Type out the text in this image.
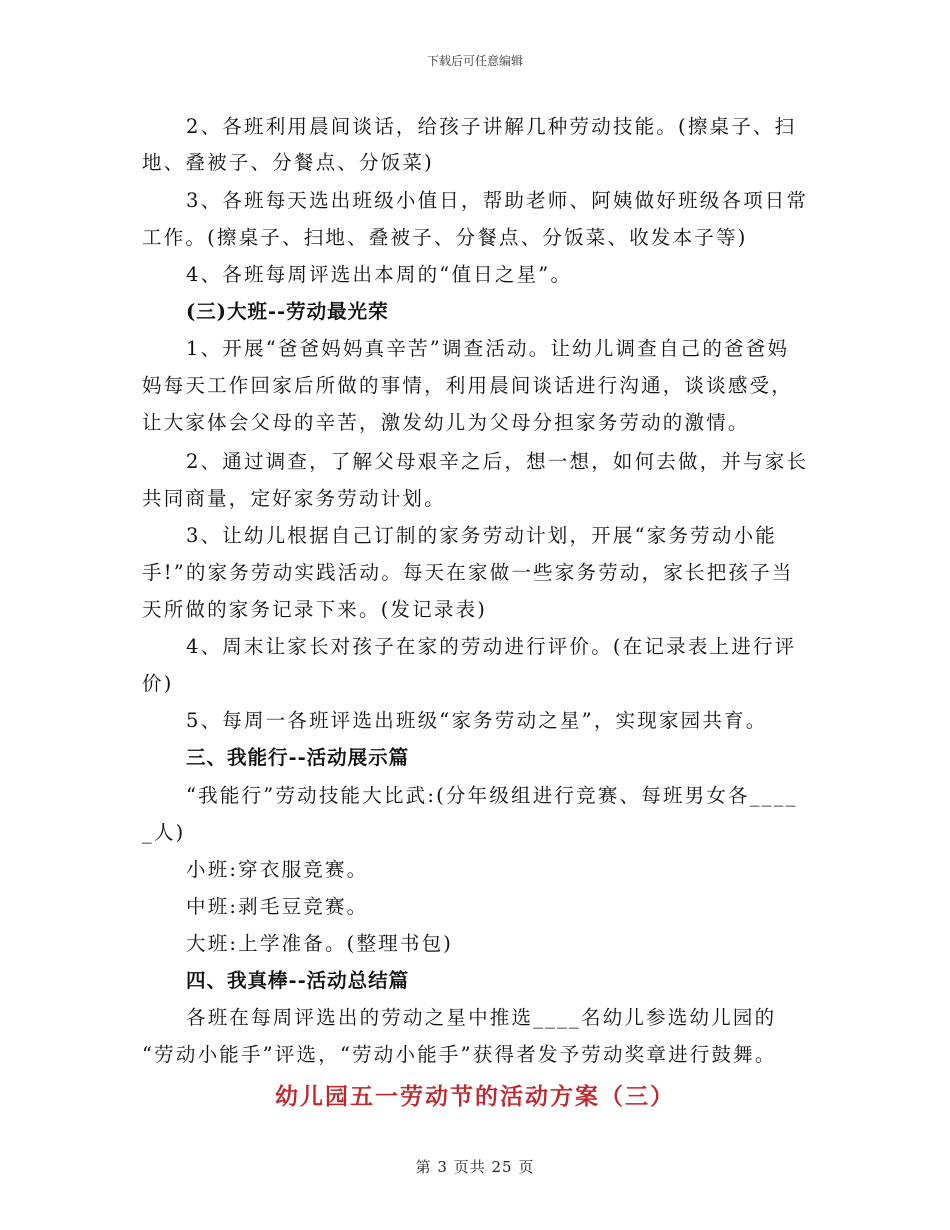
下载后可任意编辑
2、各班利用晨间谈话，给孩子讲解几种劳动技能。(擦桌子、扫
地、叠被子、分餐点、分饭菜)
3、各班每天选出班级小值日，帮助老师、阿姨做好班级各项日常
工作。(擦桌子、扫地、叠被子、分餐点、分饭菜、收发本子等)
4、各班每周评选出本周的“值日之星”。
(三)大班--劳动最光荣
1、开展“爸爸妈妈真辛苦”调查活动。让幼儿调查自己的爸爸妈
妈每天工作回家后所做的事情，利用晨间谈话进行沟通，谈谈感受，
让大家体会父母的辛苦，激发幼儿为父母分担家务劳动的激情。
2、通过调查，了解父母艰辛之后，想一想，如何去做，并与家长
共同商量，定好家务劳动计划。
3、让幼儿根据自己订制的家务劳动计划，开展“家务劳动小能
手!”的家务劳动实践活动。每天在家做一些家务劳动，家长把孩子当
天所做的家务记录下来。(发记录表)
4、周末让家长对孩子在家的劳动进行评价。(在记录表上进行评
价)
5、每周一各班评选出班级“家务劳动之星”，实现家园共育。
三、我能行--活动展示篇
“我能行”劳动技能大比武:(分年级组进行竞赛、每班男女各____
_人)
小班:穿衣服竞赛。
中班:剥毛豆竞赛。
大班:上学准备。(整理书包)
四、我真棒--活动总结篇
各班在每周评选出的劳动之星中推选____名幼儿参选幼儿园的
“劳动小能手”评选，“劳动小能手”获得者发予劳动奖章进行鼓舞。
幼儿园五一劳动节的活动方案（三）
第 3 页共 25 页
